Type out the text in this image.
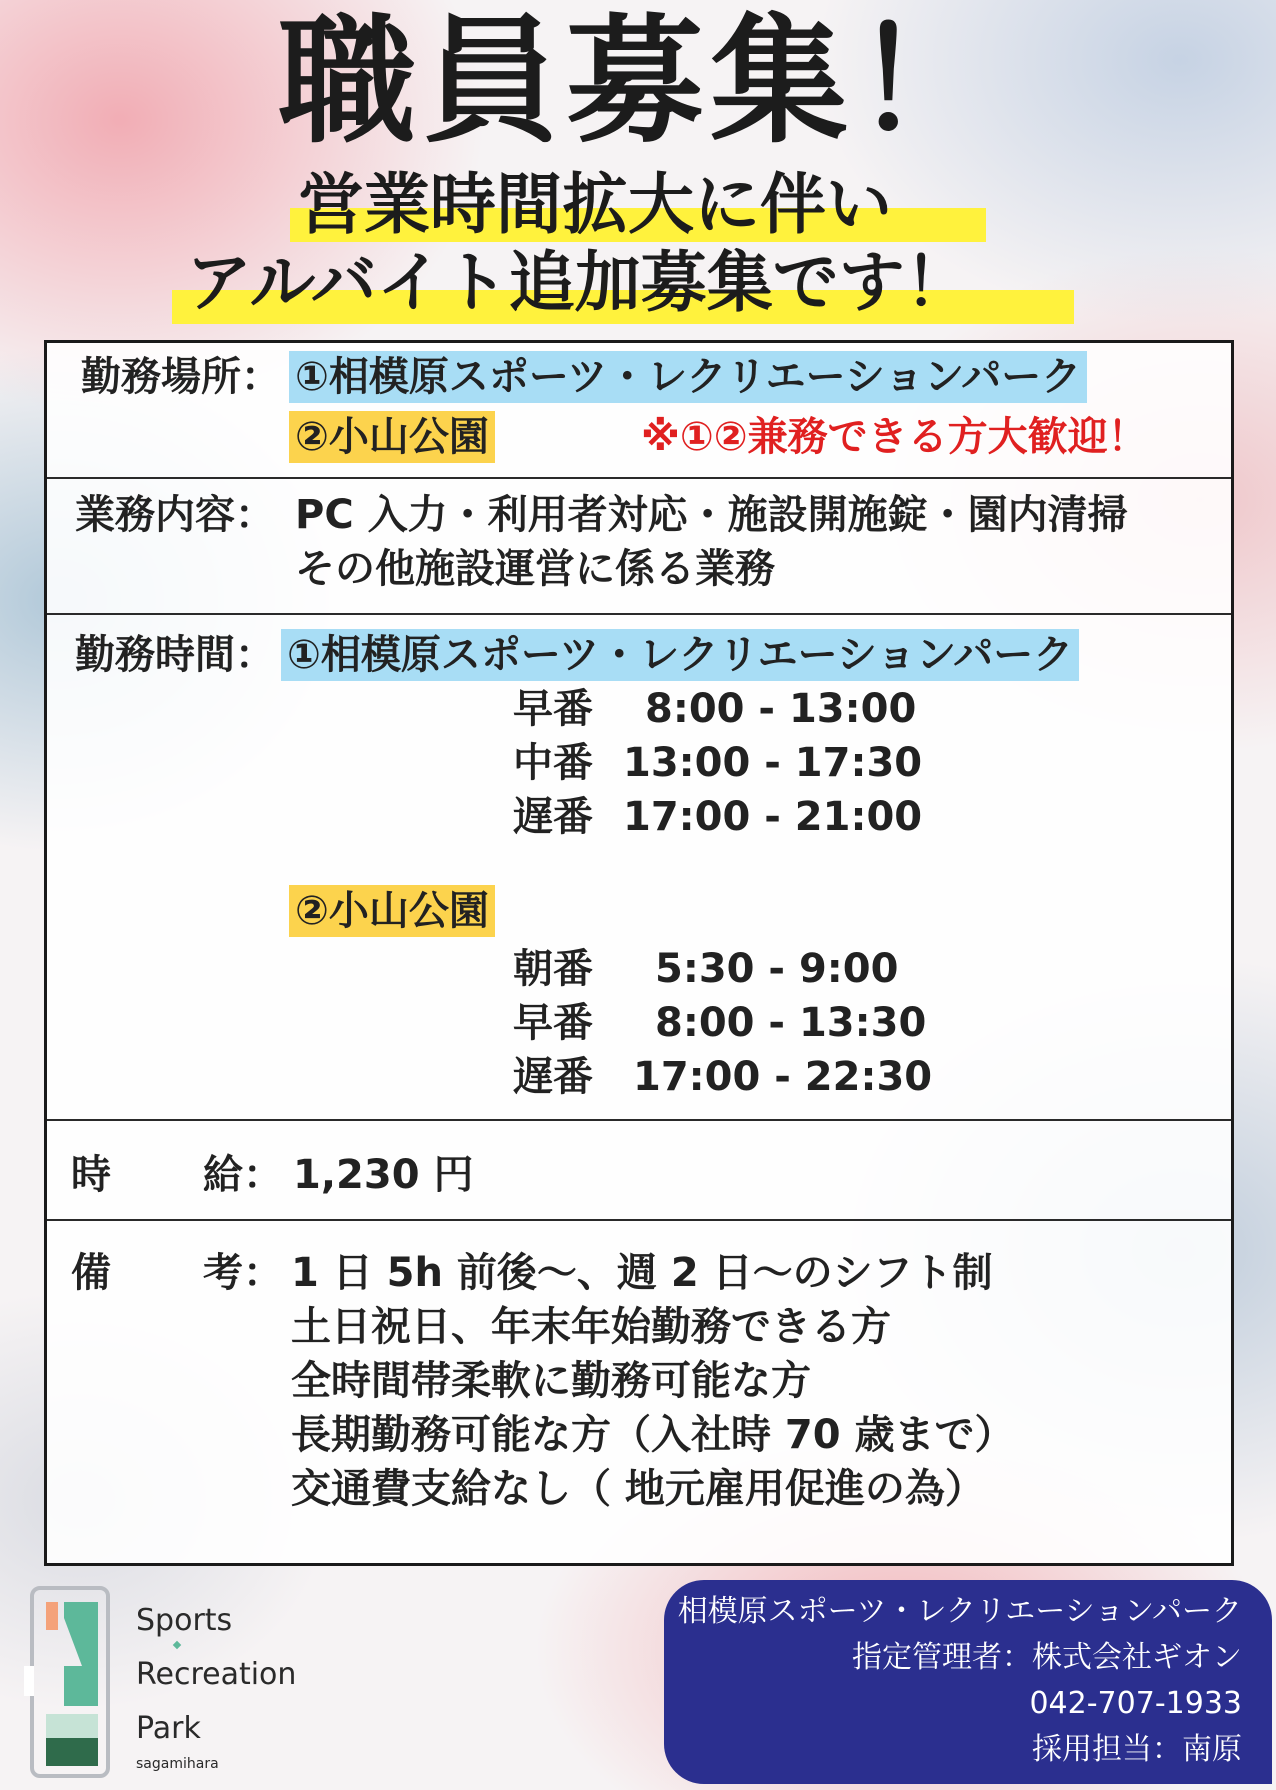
職員募集！
営業時間拡大に伴い
アルバイト追加募集です！
勤務場所： ①相模原スポーツ・レクリエーションパーク
②小山公園	※①②兼務できる方大歓迎！
業務内容： PC 入力・利用者対応・施設開施錠・園内清掃
その他施設運営に係る業務
勤務時間： ①相模原スポーツ・レクリエーションパーク
早番 8:00 - 13:00
中番 13:00 - 17:30
遅番 17:00 - 21:00
②小山公園
朝番 5:30 - 9:00
早番 8:00 - 13:30
遅番 17:00 - 22:30
時 給： 1,230 円
備 考： 1 日 5h 前後～、週 2 日～のシフト制
土日祝日、年末年始勤務できる方
全時間帯柔軟に勤務可能な方
長期勤務可能な方（入社時 70 歳まで）
交通費支給なし（ 地元雇用促進の為）
Sports
Recreation
Park
sagamihara
相模原スポーツ・レクリエーションパーク
指定管理者：株式会社ギオン
042-707-1933
採用担当：南原
